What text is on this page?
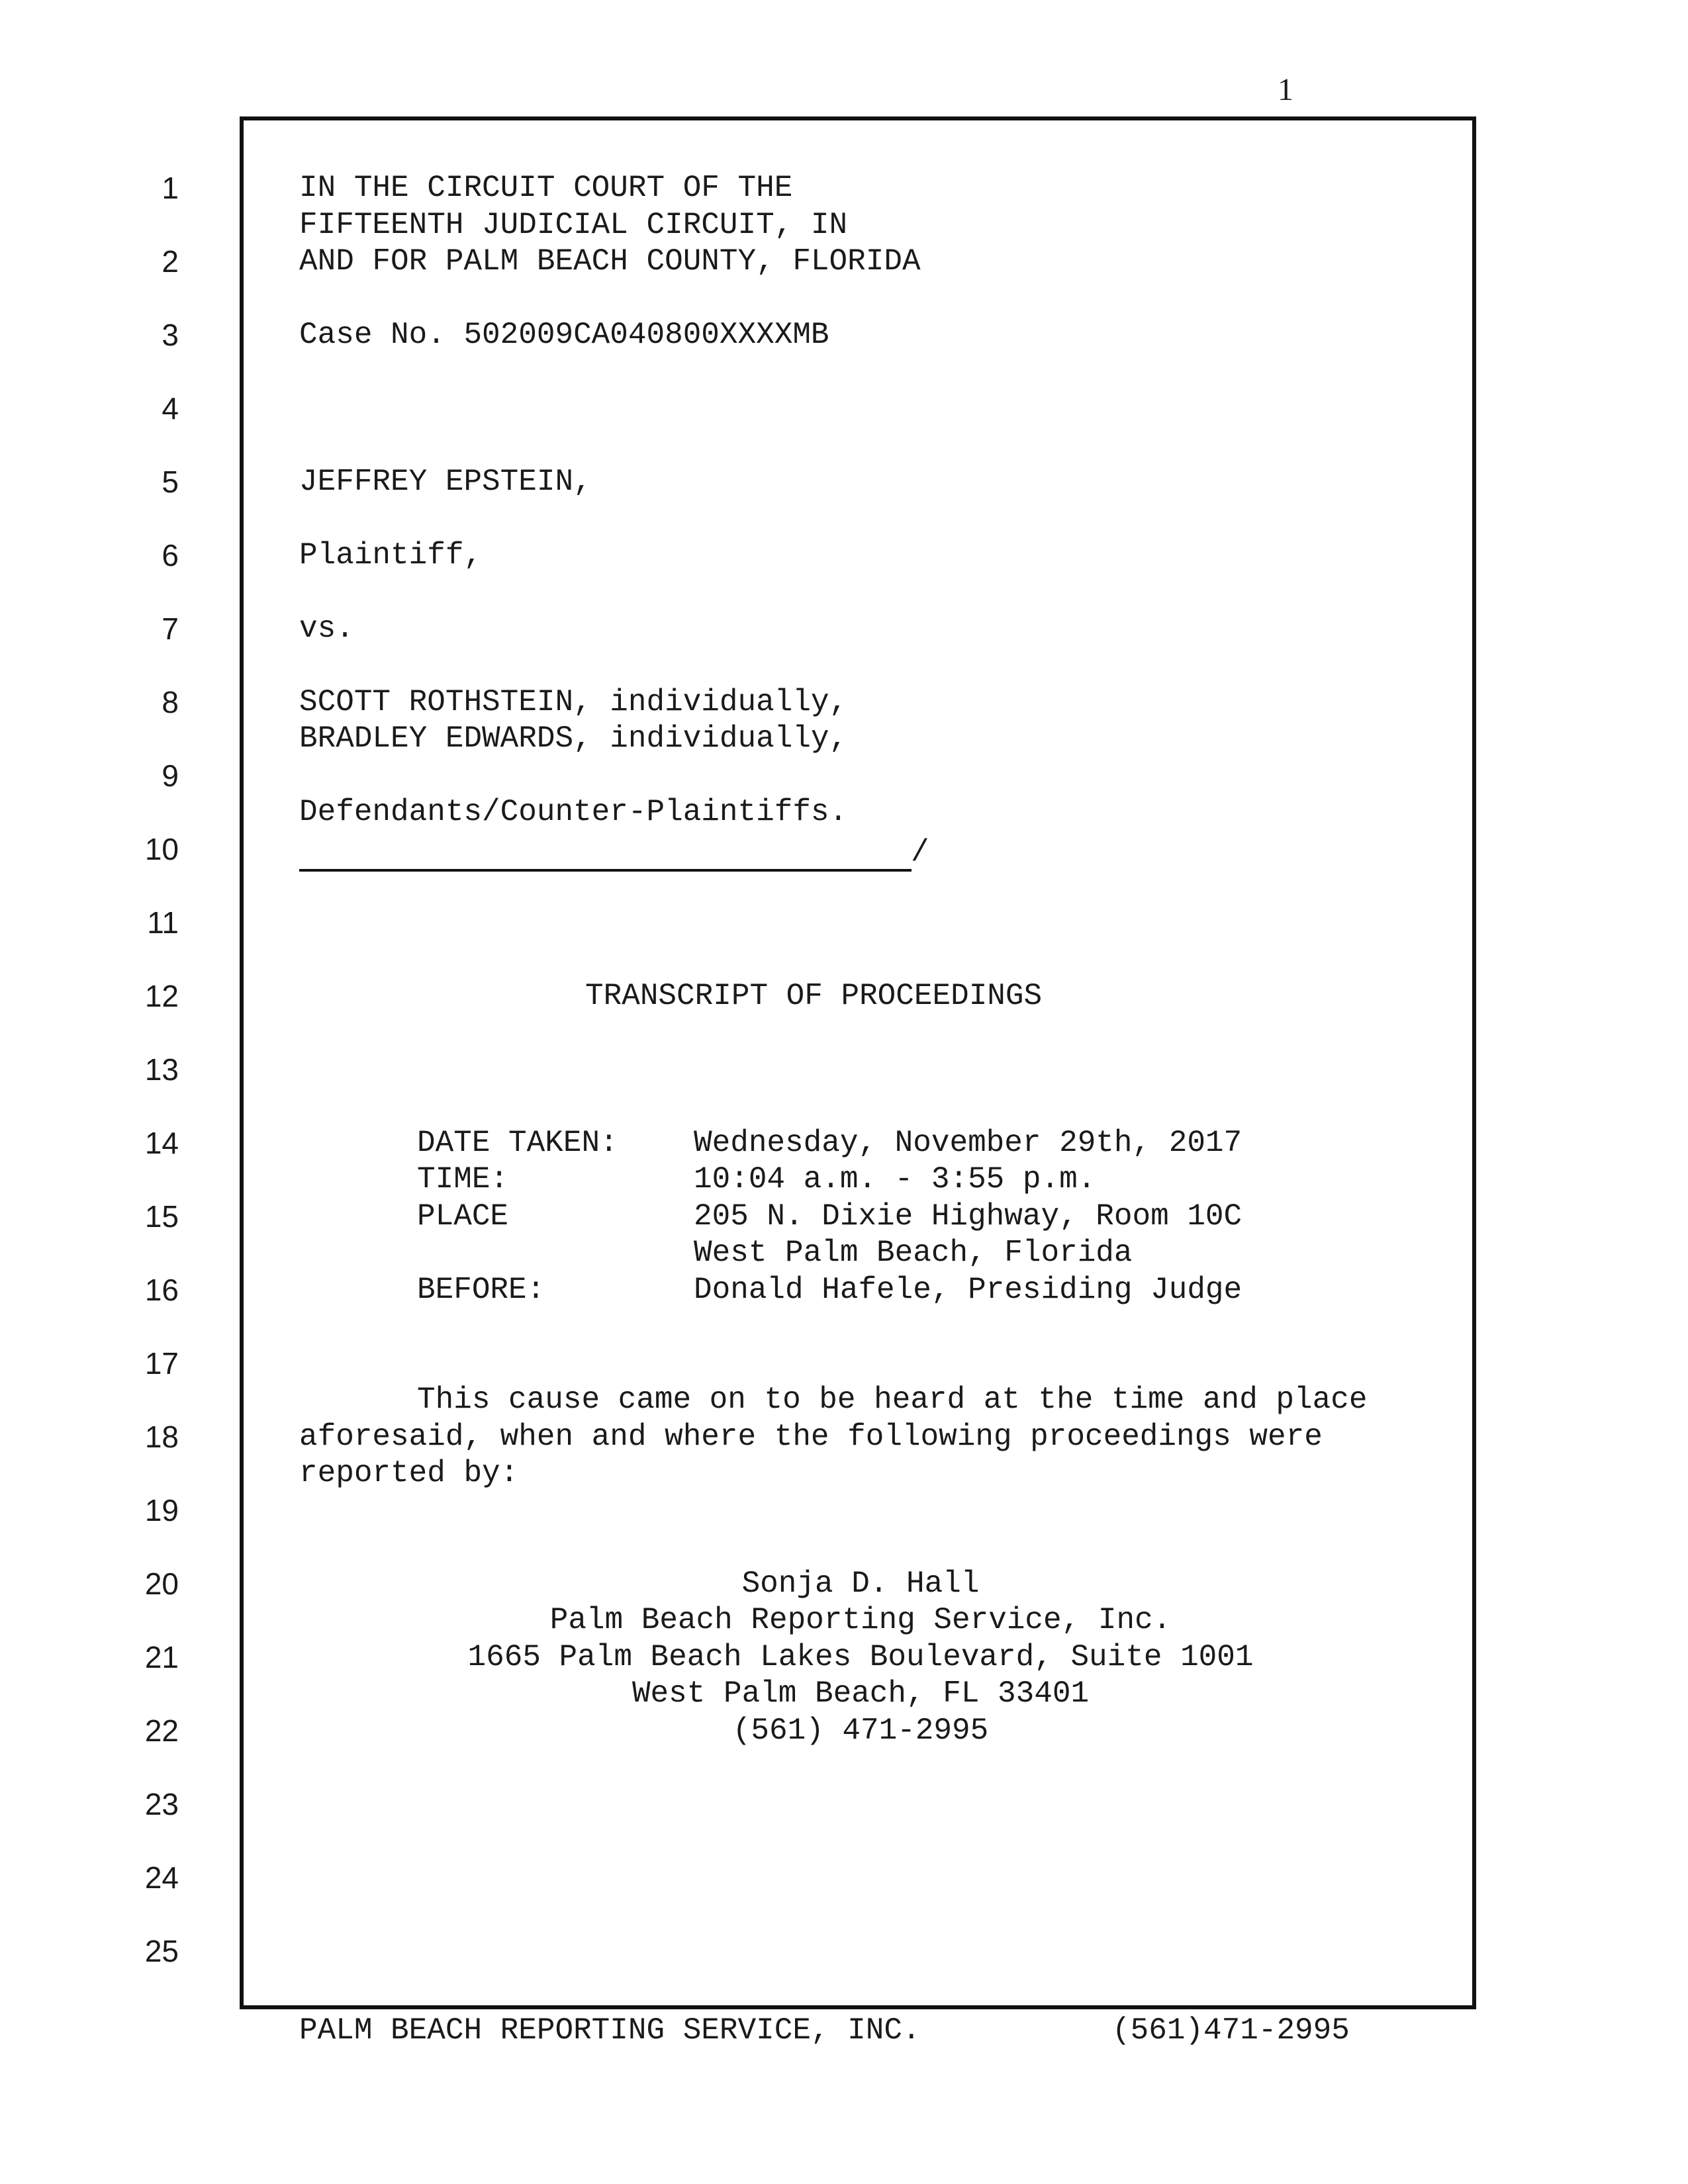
1
1
2
3
4
5
6
7
8
9
10
11
12
13
14
15
16
17
18
19
20
21
22
23
24
25
IN THE CIRCUIT COURT OF THE
FIFTEENTH JUDICIAL CIRCUIT, IN
AND FOR PALM BEACH COUNTY, FLORIDA
Case No. 502009CA040800XXXXMB
JEFFREY EPSTEIN,
Plaintiff,
vs.
SCOTT ROTHSTEIN, individually,
BRADLEY EDWARDS, individually,
Defendants/Counter-Plaintiffs.
/
TRANSCRIPT OF PROCEEDINGS
DATE TAKEN: Wednesday, November 29th, 2017
TIME:	10:04 a.m. - 3:55 p.m.
PLACE	205 N. Dixie Highway, Room 10C
West Palm Beach, Florida
BEFORE:	Donald Hafele, Presiding Judge
This cause came on to be heard at the time and place
aforesaid, when and where the following proceedings were
reported by:
Sonja D. Hall
Palm Beach Reporting Service, Inc.
1665 Palm Beach Lakes Boulevard, Suite 1001
West Palm Beach, FL 33401
(561) 471-2995
PALM BEACH REPORTING SERVICE, INC.	(561)471-2995
